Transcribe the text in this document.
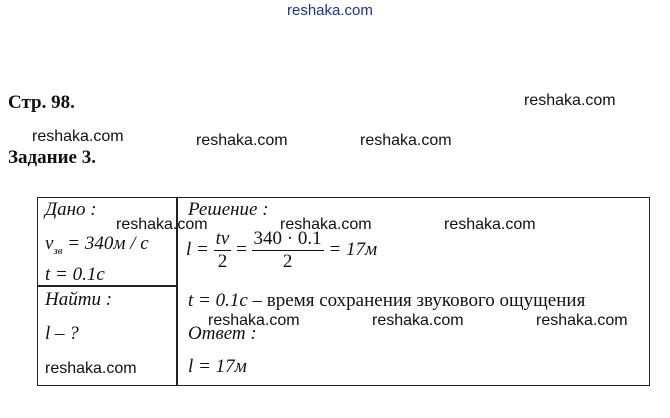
reshaka.com
reshaka.com
reshaka.com	reshaka.com	reshaka.com
Стр. 98.
Задание 3.
Дано :
$v_{зв} = 340м / с$
t = 0.1с
Найти :
l – ?
Решение :
$l = \frac{tv}{2} = \frac{340 \cdot 0.1}{2} = 17м$
t = 0.1с – время сохранения звукового ощущения
Ответ :
l = 17м
reshaka.com	reshaka.com	reshaka.com
reshaka.com	reshaka.com	reshaka.com
reshaka.com
